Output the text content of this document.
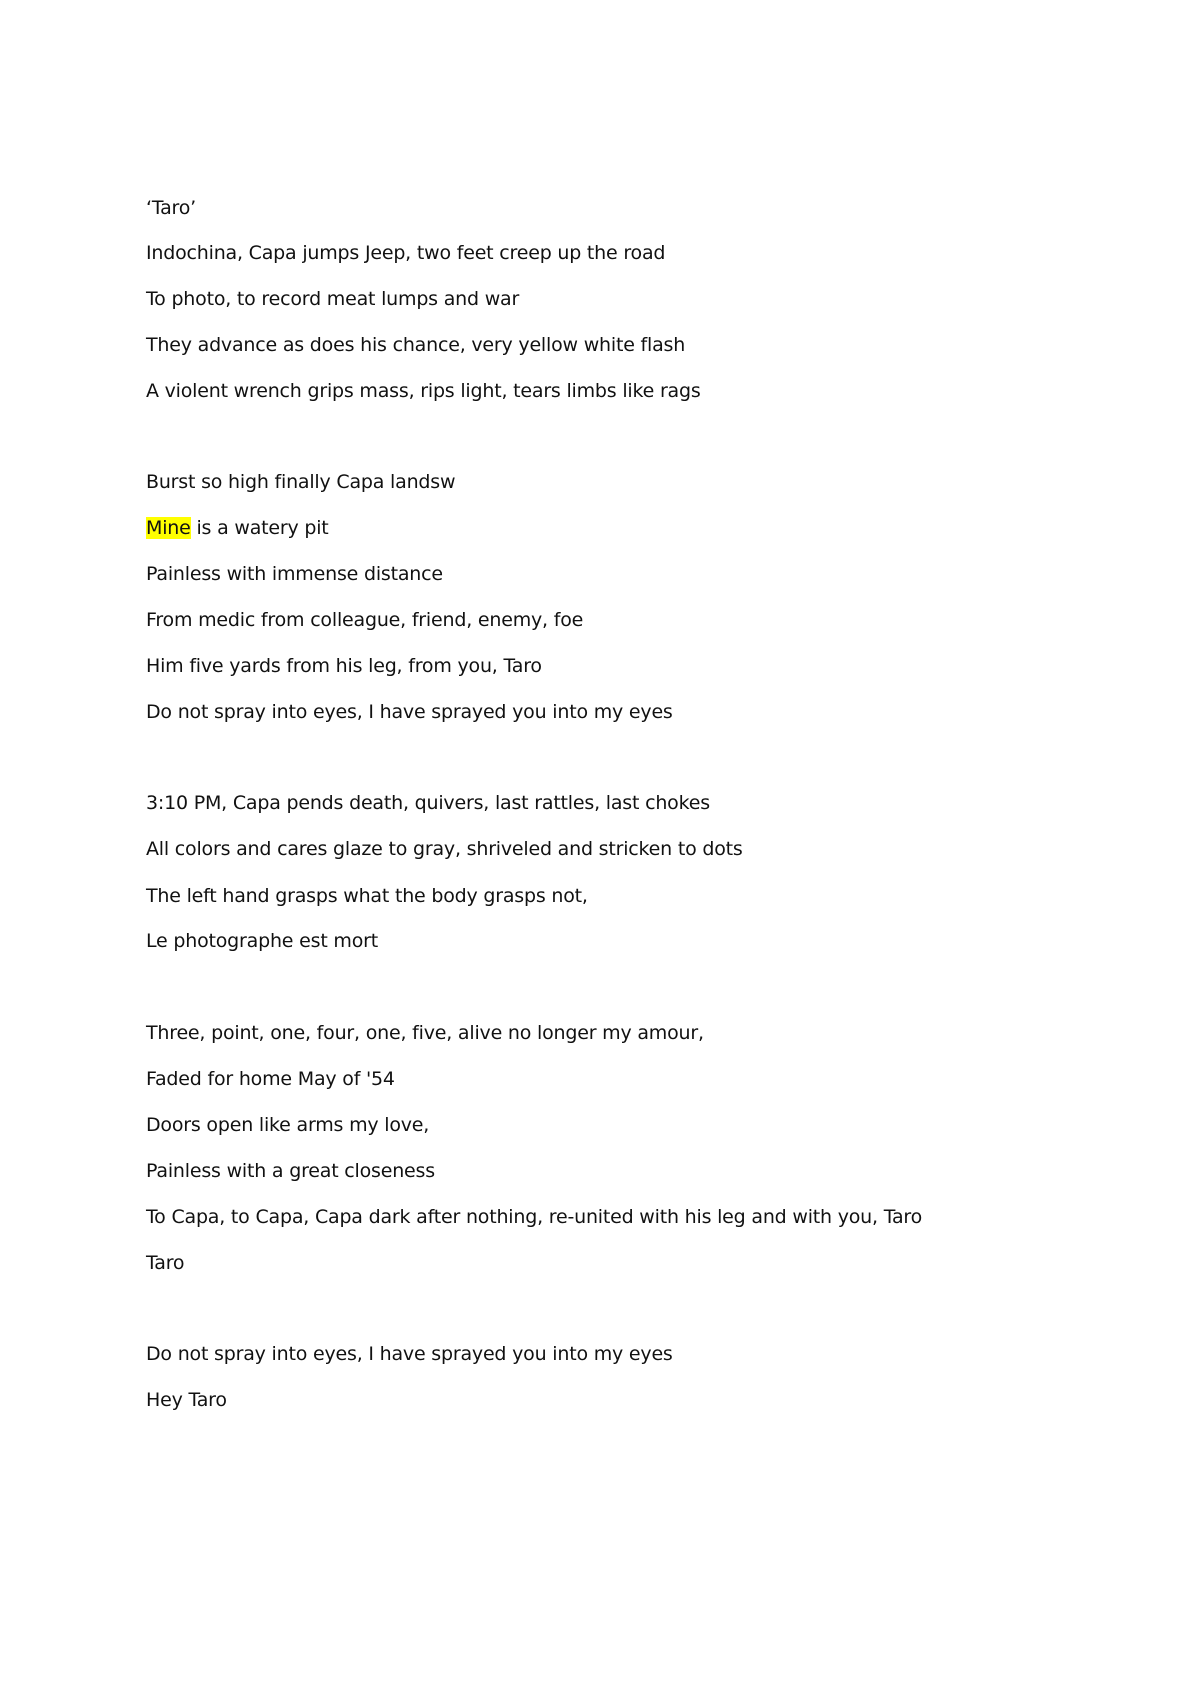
‘Taro’
Indochina, Capa jumps Jeep, two feet creep up the road
To photo, to record meat lumps and war
They advance as does his chance, very yellow white flash
A violent wrench grips mass, rips light, tears limbs like rags
Burst so high finally Capa landsw
Mine is a watery pit
Painless with immense distance
From medic from colleague, friend, enemy, foe
Him five yards from his leg, from you, Taro
Do not spray into eyes, I have sprayed you into my eyes
3:10 PM, Capa pends death, quivers, last rattles, last chokes
All colors and cares glaze to gray, shriveled and stricken to dots
The left hand grasps what the body grasps not,
Le photographe est mort
Three, point, one, four, one, five, alive no longer my amour,
Faded for home May of '54
Doors open like arms my love,
Painless with a great closeness
To Capa, to Capa, Capa dark after nothing, re-united with his leg and with you, Taro
Taro
Do not spray into eyes, I have sprayed you into my eyes
Hey Taro
